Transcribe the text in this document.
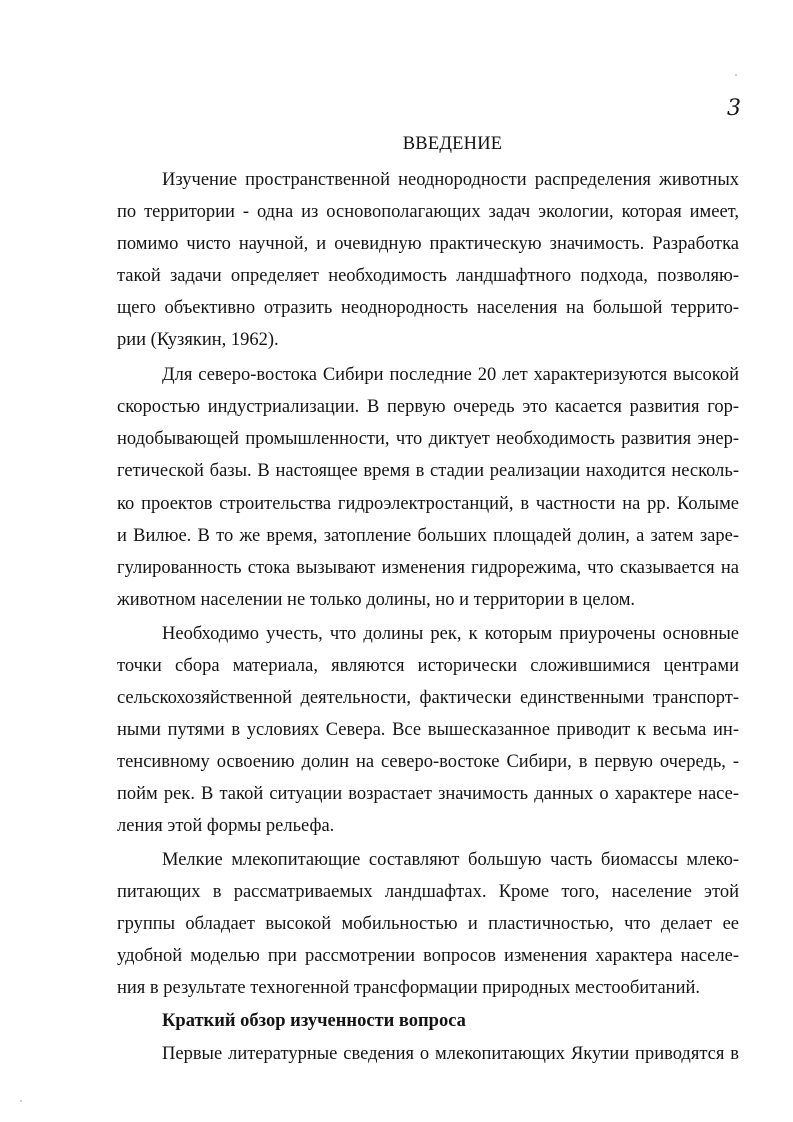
3
ВВЕДЕНИЕ
Изучение пространственной неоднородности распределения животных
по территории - одна из основополагающих задач экологии, которая имеет,
помимо чисто научной, и очевидную практическую значимость. Разработка
такой задачи определяет необходимость ландшафтного подхода, позволяю-
щего объективно отразить неоднородность населения на большой террито-
рии (Кузякин, 1962).
Для северо-востока Сибири последние 20 лет характеризуются высокой
скоростью индустриализации. В первую очередь это касается развития гор-
нодобывающей промышленности, что диктует необходимость развития энер-
гетической базы. В настоящее время в стадии реализации находится несколь-
ко проектов строительства гидроэлектростанций, в частности на рр. Колыме
и Вилюе. В то же время, затопление больших площадей долин, а затем заре-
гулированность стока вызывают изменения гидрорежима, что сказывается на
животном населении не только долины, но и территории в целом.
Необходимо учесть, что долины рек, к которым приурочены основные
точки сбора материала, являются исторически сложившимися центрами
сельскохозяйственной деятельности, фактически единственными транспорт-
ными путями в условиях Севера. Все вышесказанное приводит к весьма ин-
тенсивному освоению долин на северо-востоке Сибири, в первую очередь, -
пойм рек. В такой ситуации возрастает значимость данных о характере насе-
ления этой формы рельефа.
Мелкие млекопитающие составляют большую часть биомассы млеко-
питающих в рассматриваемых ландшафтах. Кроме того, население этой
группы обладает высокой мобильностью и пластичностью, что делает ее
удобной моделью при рассмотрении вопросов изменения характера населе-
ния в результате техногенной трансформации природных местообитаний.
Краткий обзор изученности вопроса
Первые литературные сведения о млекопитающих Якутии приводятся в
